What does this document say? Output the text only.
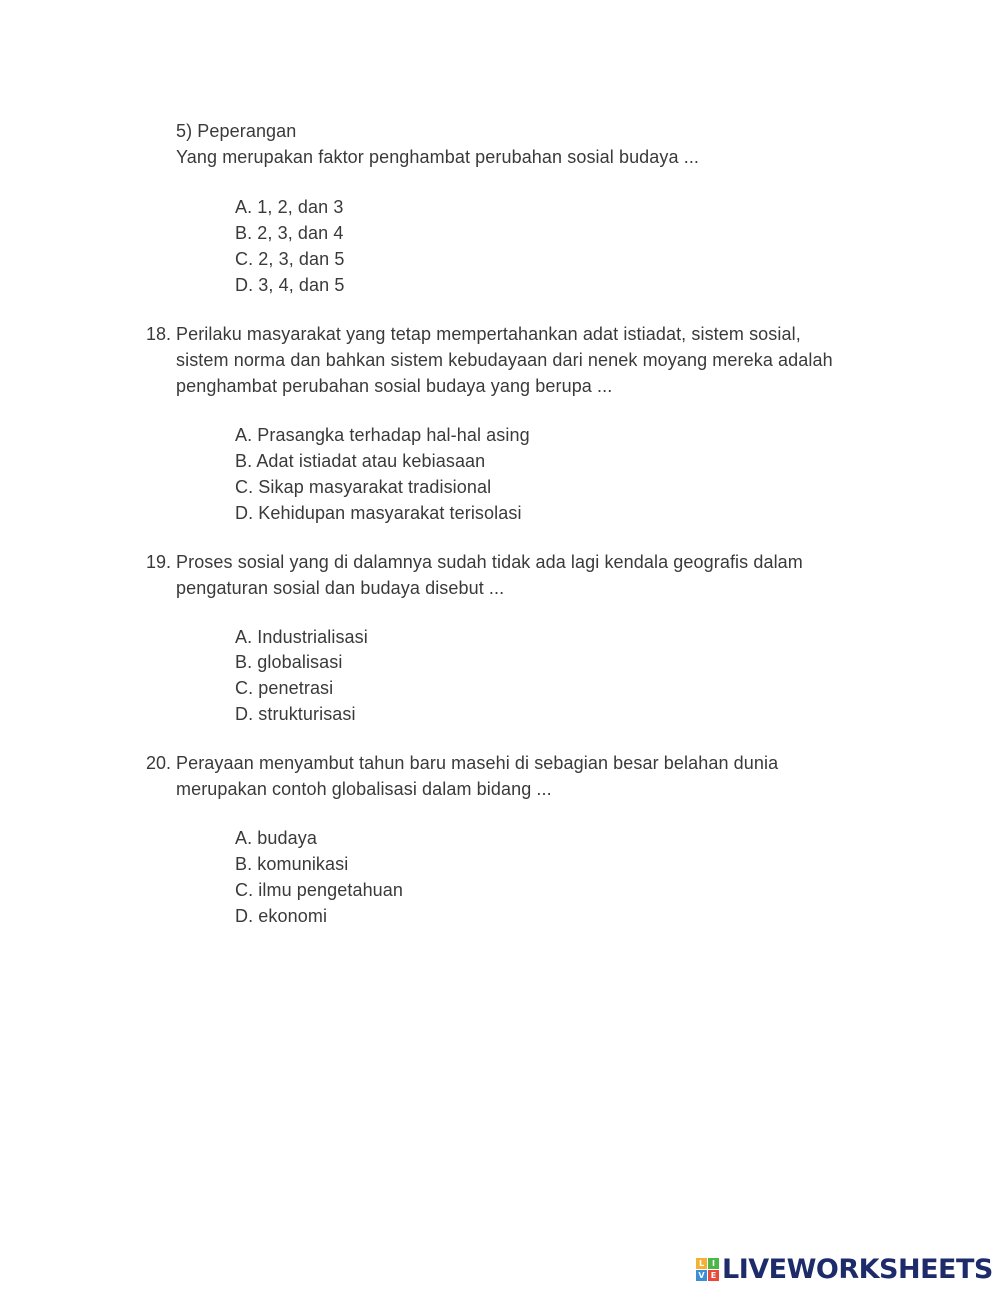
5) Peperangan
Yang merupakan faktor penghambat perubahan sosial budaya ...
A. 1, 2, dan 3
B. 2, 3, dan 4
C. 2, 3, dan 5
D. 3, 4, dan 5
18. Perilaku masyarakat yang tetap mempertahankan adat istiadat, sistem sosial,
sistem norma dan bahkan sistem kebudayaan dari nenek moyang mereka adalah
penghambat perubahan sosial budaya yang berupa ...
A. Prasangka terhadap hal-hal asing
B. Adat istiadat atau kebiasaan
C. Sikap masyarakat tradisional
D. Kehidupan masyarakat terisolasi
19. Proses sosial yang di dalamnya sudah tidak ada lagi kendala geografis dalam
pengaturan sosial dan budaya disebut ...
A. Industrialisasi
B. globalisasi
C. penetrasi
D. strukturisasi
20. Perayaan menyambut tahun baru masehi di sebagian besar belahan dunia
merupakan contoh globalisasi dalam bidang ...
A. budaya
B. komunikasi
C. ilmu pengetahuan
D. ekonomi
L I
V E LIVEWORKSHEETS
